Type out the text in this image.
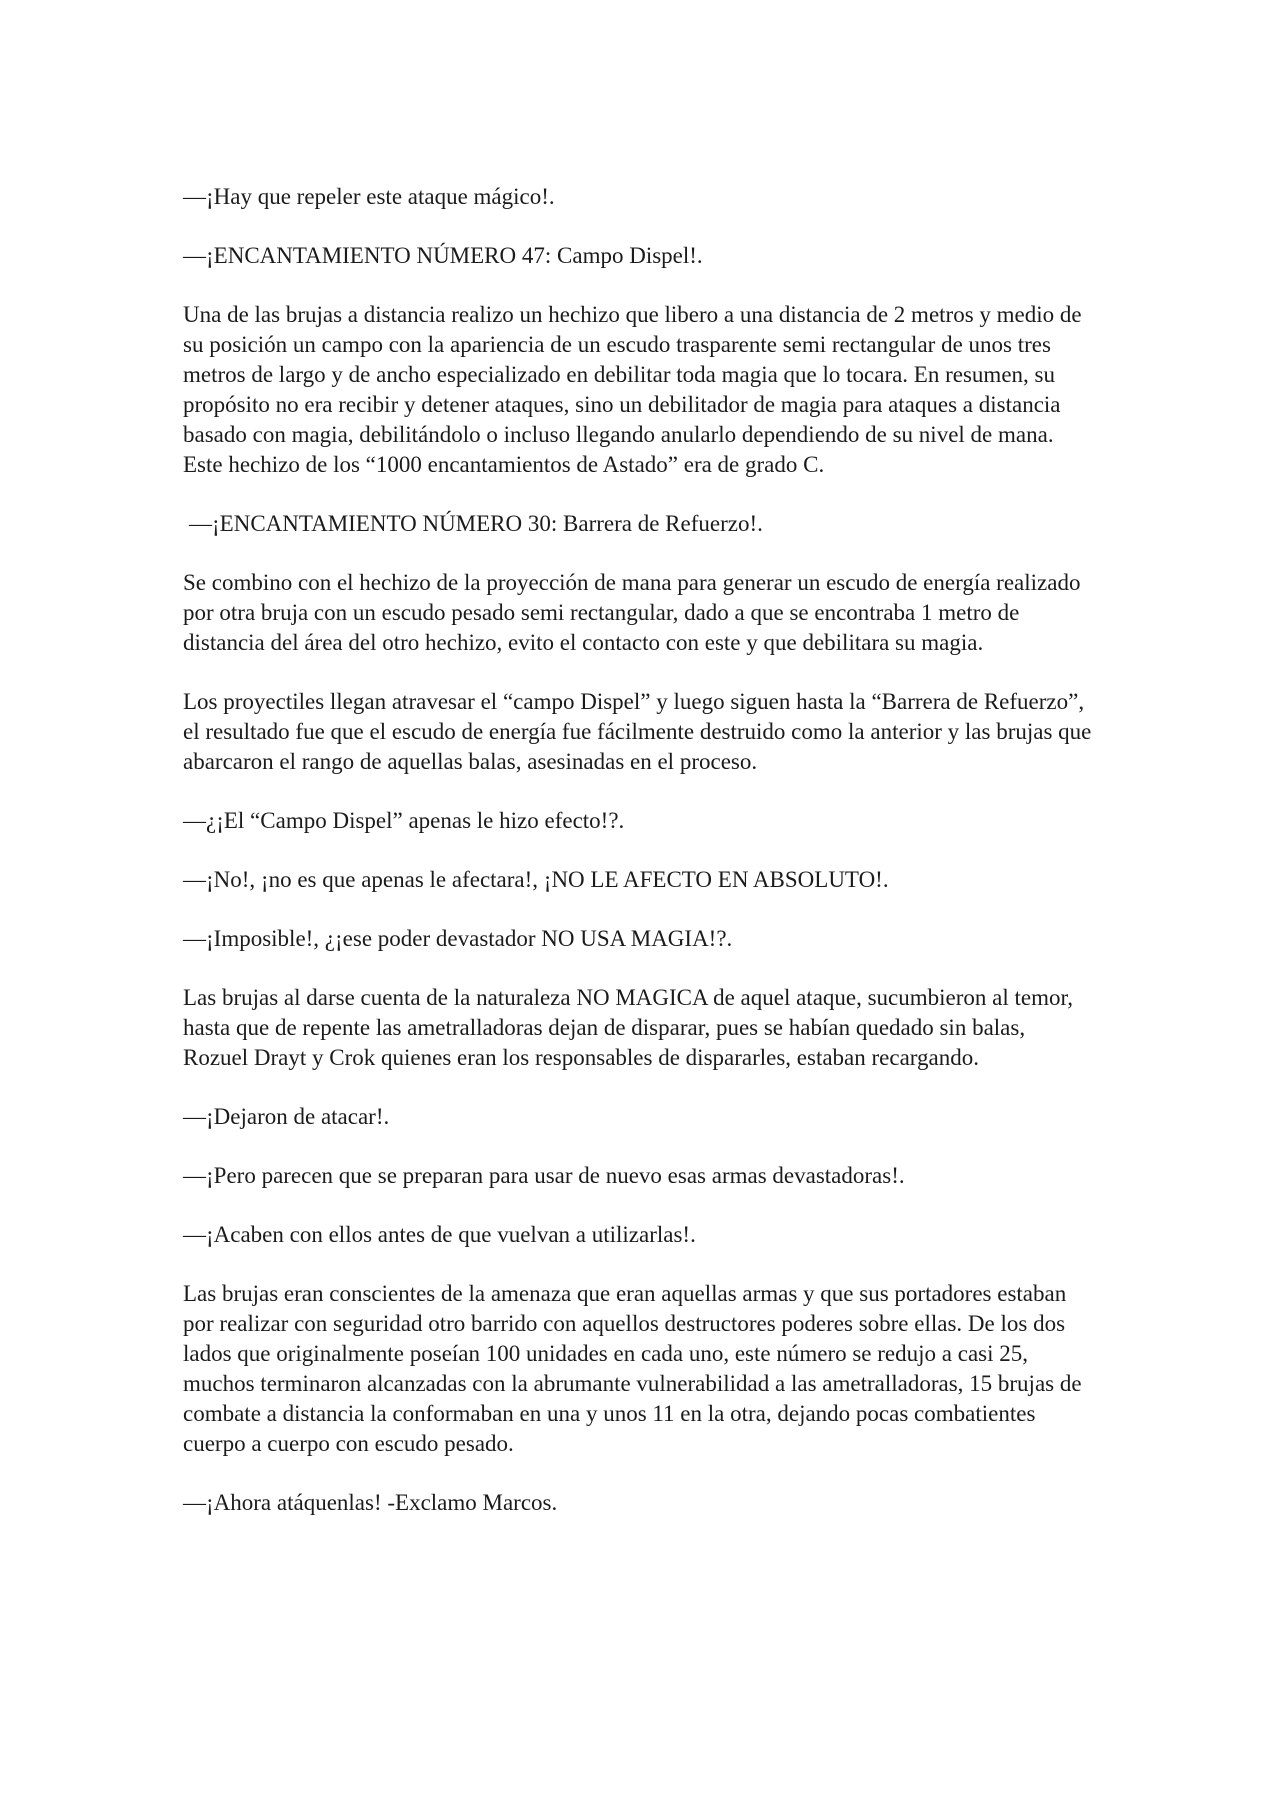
—¡Hay que repeler este ataque mágico!.

—¡ENCANTAMIENTO NÚMERO 47: Campo Dispel!.

Una de las brujas a distancia realizo un hechizo que libero a una distancia de 2 metros y medio de su posición un campo con la apariencia de un escudo trasparente semi rectangular de unos tres metros de largo y de ancho especializado en debilitar toda magia que lo tocara. En resumen, su propósito no era recibir y detener ataques, sino un debilitador de magia para ataques a distancia basado con magia, debilitándolo o incluso llegando anularlo dependiendo de su nivel de mana. Este hechizo de los “1000 encantamientos de Astado” era de grado C.

—¡ENCANTAMIENTO NÚMERO 30: Barrera de Refuerzo!.

Se combino con el hechizo de la proyección de mana para generar un escudo de energía realizado por otra bruja con un escudo pesado semi rectangular, dado a que se encontraba 1 metro de distancia del área del otro hechizo, evito el contacto con este y que debilitara su magia.

Los proyectiles llegan atravesar el “campo Dispel” y luego siguen hasta la “Barrera de Refuerzo”, el resultado fue que el escudo de energía fue fácilmente destruido como la anterior y las brujas que abarcaron el rango de aquellas balas, asesinadas en el proceso.

—¿¡El “Campo Dispel” apenas le hizo efecto!?.

—¡No!, ¡no es que apenas le afectara!, ¡NO LE AFECTO EN ABSOLUTO!.

—¡Imposible!, ¿¡ese poder devastador NO USA MAGIA!?.

Las brujas al darse cuenta de la naturaleza NO MAGICA de aquel ataque, sucumbieron al temor, hasta que de repente las ametralladoras dejan de disparar, pues se habían quedado sin balas, Rozuel Drayt y Crok quienes eran los responsables de dispararles, estaban recargando.

—¡Dejaron de atacar!.

—¡Pero parecen que se preparan para usar de nuevo esas armas devastadoras!.

—¡Acaben con ellos antes de que vuelvan a utilizarlas!.

Las brujas eran conscientes de la amenaza que eran aquellas armas y que sus portadores estaban por realizar con seguridad otro barrido con aquellos destructores poderes sobre ellas. De los dos lados que originalmente poseían 100 unidades en cada uno, este número se redujo a casi 25, muchos terminaron alcanzadas con la abrumante vulnerabilidad a las ametralladoras, 15 brujas de combate a distancia la conformaban en una y unos 11 en la otra, dejando pocas combatientes cuerpo a cuerpo con escudo pesado.

—¡Ahora atáquenlas! -Exclamo Marcos.
